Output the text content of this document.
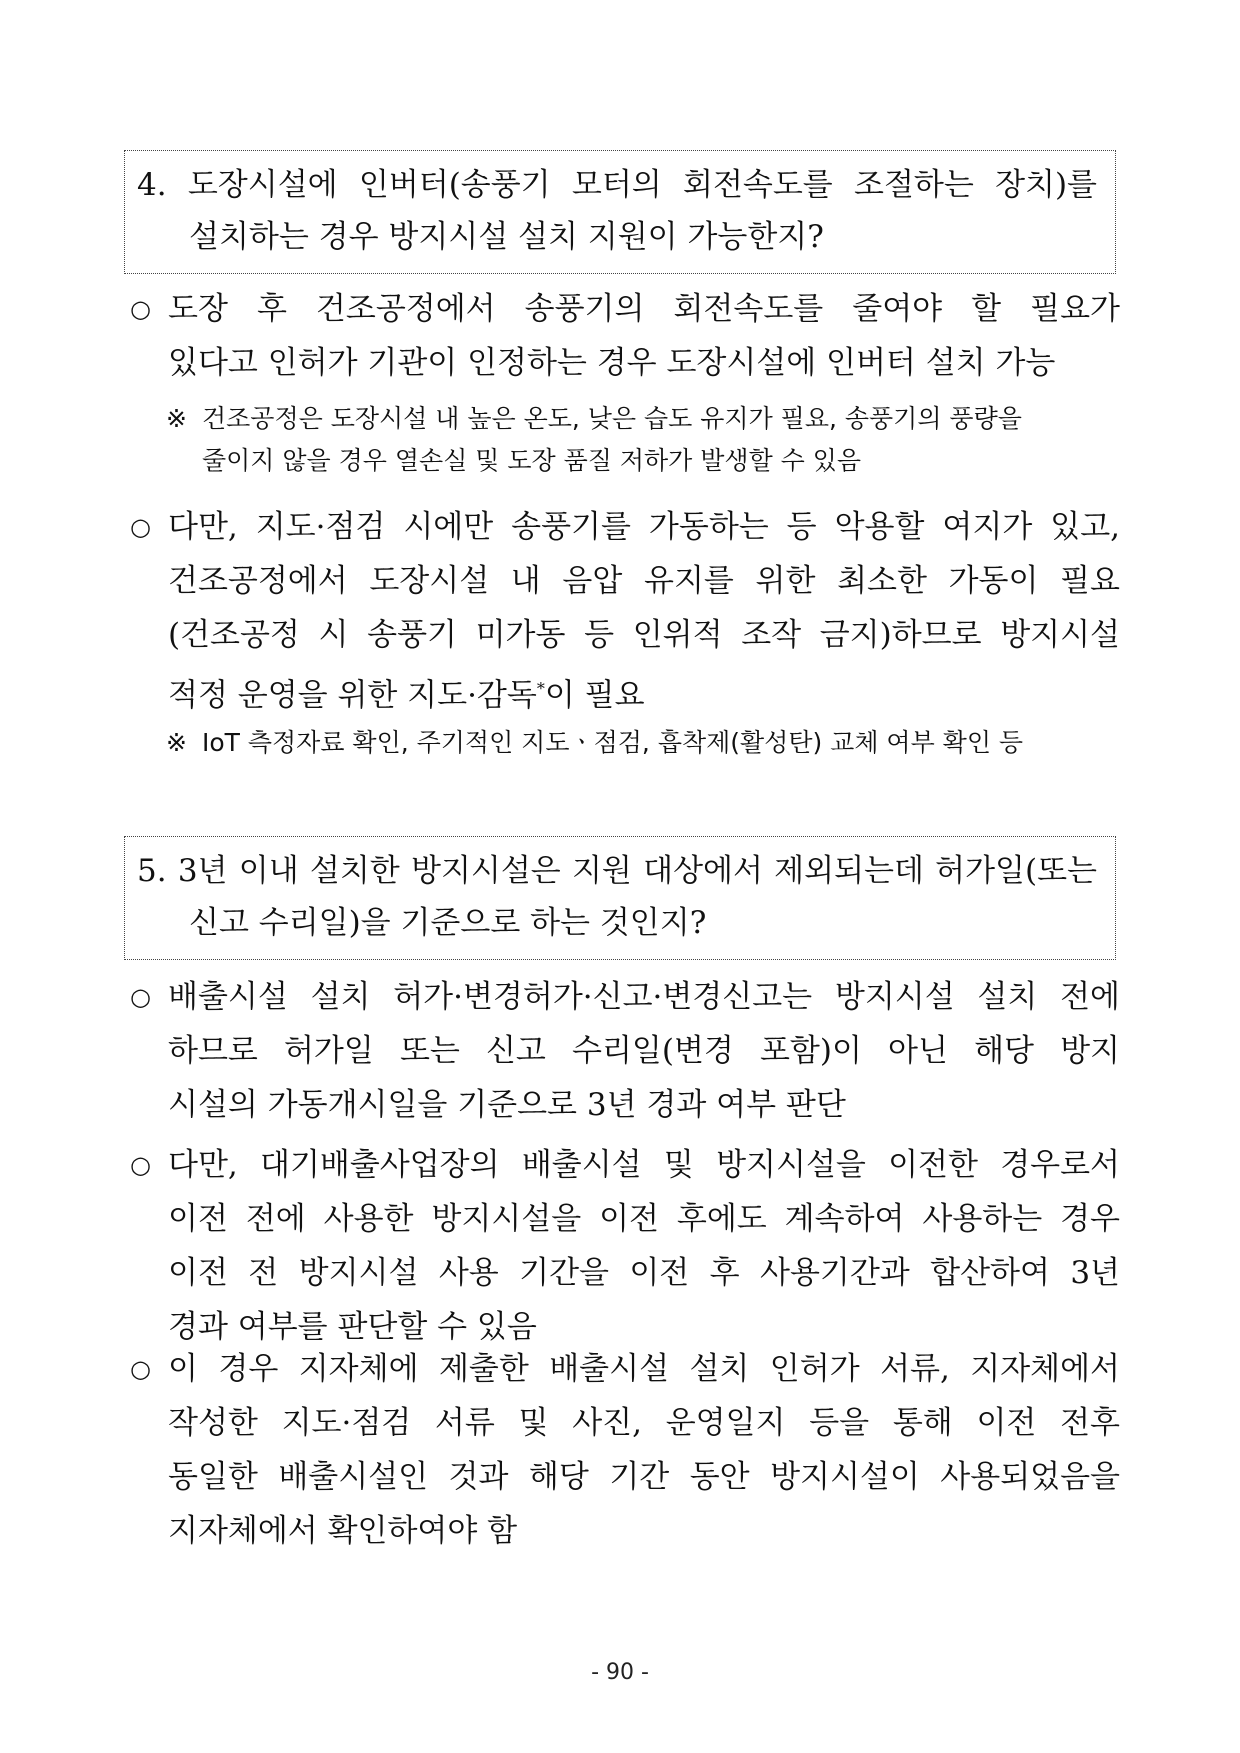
4. 도장시설에 인버터(송풍기 모터의 회전속도를 조절하는 장치)를
설치하는 경우 방지시설 설치 지원이 가능한지?
○ 도장 후 건조공정에서 송풍기의 회전속도를 줄여야 할 필요가
있다고 인허가 기관이 인정하는 경우 도장시설에 인버터 설치 가능
※ 건조공정은 도장시설 내 높은 온도, 낮은 습도 유지가 필요, 송풍기의 풍량을
줄이지 않을 경우 열손실 및 도장 품질 저하가 발생할 수 있음
○ 다만, 지도·점검 시에만 송풍기를 가동하는 등 악용할 여지가 있고,
건조공정에서 도장시설 내 음압 유지를 위한 최소한 가동이 필요
(건조공정 시 송풍기 미가동 등 인위적 조작 금지)하므로 방지시설
적정 운영을 위한 지도·감독*이 필요
※ IoT 측정자료 확인, 주기적인 지도ㆍ점검, 흡착제(활성탄) 교체 여부 확인 등
5. 3년 이내 설치한 방지시설은 지원 대상에서 제외되는데 허가일(또는
신고 수리일)을 기준으로 하는 것인지?
○ 배출시설 설치 허가·변경허가·신고·변경신고는 방지시설 설치 전에
하므로 허가일 또는 신고 수리일(변경 포함)이 아닌 해당 방지
시설의 가동개시일을 기준으로 3년 경과 여부 판단
○ 다만, 대기배출사업장의 배출시설 및 방지시설을 이전한 경우로서
이전 전에 사용한 방지시설을 이전 후에도 계속하여 사용하는 경우
이전 전 방지시설 사용 기간을 이전 후 사용기간과 합산하여 3년
경과 여부를 판단할 수 있음
○ 이 경우 지자체에 제출한 배출시설 설치 인허가 서류, 지자체에서
작성한 지도·점검 서류 및 사진, 운영일지 등을 통해 이전 전후
동일한 배출시설인 것과 해당 기간 동안 방지시설이 사용되었음을
지자체에서 확인하여야 함
- 90 -
